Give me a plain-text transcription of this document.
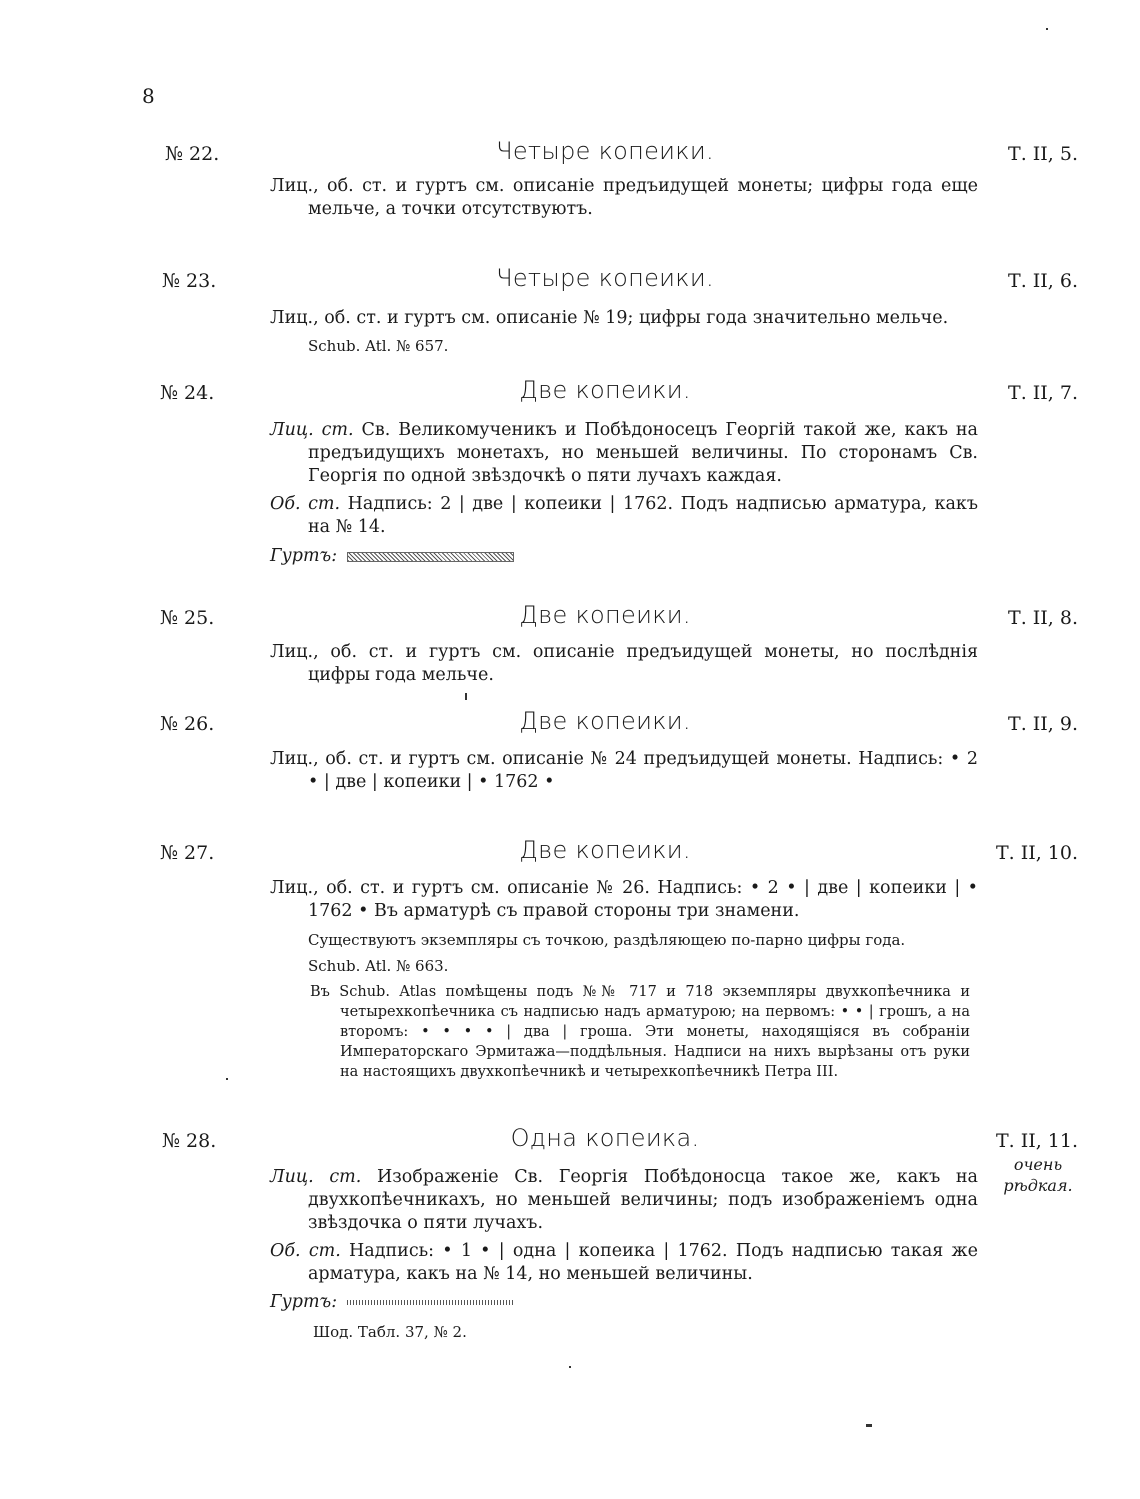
8
№ 22.	Четыре копеики.	Т. II, 5.
Лиц., об. ст. и гуртъ см. описаніе предъидущей монеты; цифры года еще мельче, а точки отсутствуютъ.
№ 23.	Четыре копеики.	Т. II, 6.
Лиц., об. ст. и гуртъ см. описаніе № 19; цифры года значительно мельче.
Schub. Atl. № 657.
№ 24.	Две копеики.	Т. II, 7.
Лиц. ст. Св. Великомученикъ и Побѣдоносецъ Георгій такой же, какъ на предъидущихъ монетахъ, но меньшей величины. По сторонамъ Св. Георгія по одной звѣздочкѣ о пяти лучахъ каждая.
Об. ст. Надпись: 2 | две | копеики | 1762. Подъ надписью арматура, какъ на № 14.
Гуртъ:
№ 25.	Две копеики.	Т. II, 8.
Лиц., об. ст. и гуртъ см. описаніе предъидущей монеты, но послѣднія цифры года мельче.
№ 26.	Две копеики.	Т. II, 9.
Лиц., об. ст. и гуртъ см. описаніе № 24 предъидущей монеты. Надпись: • 2 • | две | копеики | • 1762 •
№ 27.	Две копеики.	Т. II, 10.
Лиц., об. ст. и гуртъ см. описаніе № 26. Надпись: • 2 • | две | копеики | • 1762 • Въ арматурѣ съ правой стороны три знамени.
Существуютъ экземпляры съ точкою, раздѣляющею по-парно цифры года.
Schub. Atl. № 663.
Въ Schub. Atlas помѣщены подъ №№ 717 и 718 экземпляры двухкопѣечника и четырехкопѣечника съ надписью надъ арматурою; на первомъ: • • | грошъ, а на второмъ: • • • • | два | гроша. Эти монеты, находящіяся въ собраніи Императорскаго Эрмитажа—поддѣльныя. Надписи на нихъ вырѣзаны отъ руки на настоящихъ двухкопѣечникѣ и четырехкопѣечникѣ Петра III.
№ 28.	Одна копеика.	Т. II, 11.
очень рѣдкая.
Лиц. ст. Изображеніе Св. Георгія Побѣдоносца такое же, какъ на двухкопѣечникахъ, но меньшей величины; подъ изображеніемъ одна звѣздочка о пяти лучахъ.
Об. ст. Надпись: • 1 • | одна | копеика | 1762. Подъ надписью такая же арматура, какъ на № 14, но меньшей величины.
Гуртъ:
Шод. Табл. 37, № 2.
